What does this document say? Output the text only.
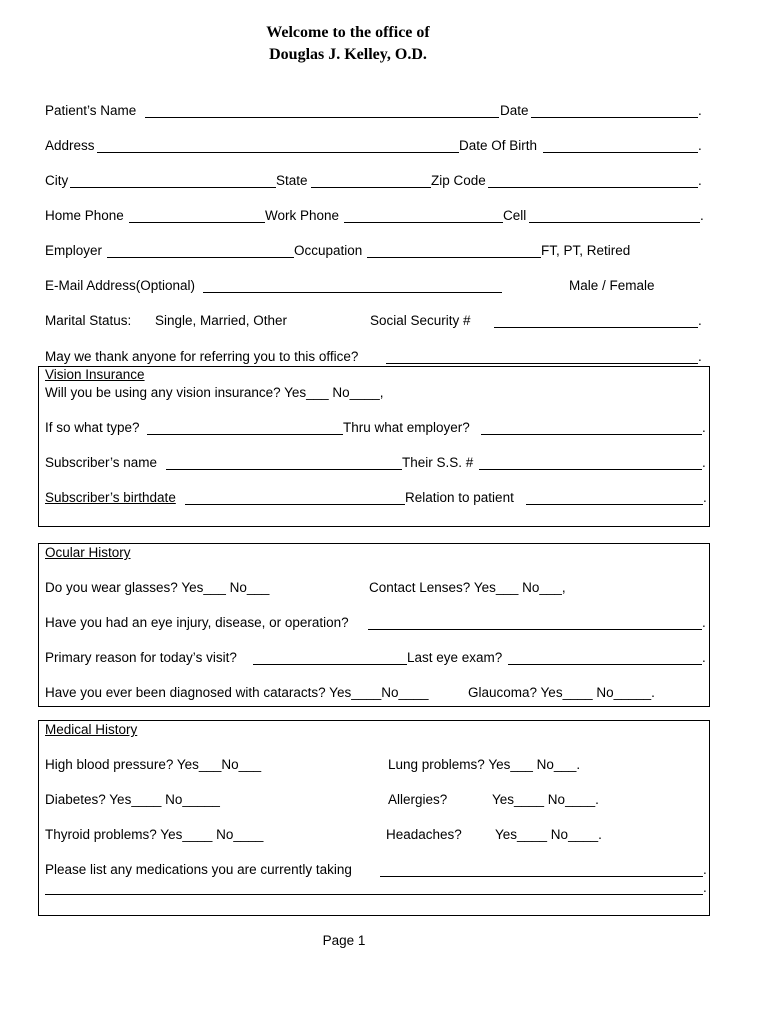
Welcome to the office of
Douglas J. Kelley, O.D.
Patient’s Name	Date	.
Address	Date Of Birth	.
City	State	Zip Code	.
Home Phone	Work Phone	Cell	.
Employer	Occupation	FT, PT, Retired
E-Mail Address(Optional)	Male / Female
Marital Status: Single, Married, Other	Social Security #	.
May we thank anyone for referring you to this office?	.
Vision Insurance
Will you be using any vision insurance? Yes___ No____,
If so what type?	Thru what employer?	.
Subscriber’s name	Their S.S. #	.
Subscriber’s birthdate	Relation to patient	.
Ocular History
Do you wear glasses? Yes___ No___	Contact Lenses? Yes___ No___,
Have you had an eye injury, disease, or operation?	.
Primary reason for today’s visit?	Last eye exam?	.
Have you ever been diagnosed with cataracts? Yes____No____	Glaucoma? Yes____ No_____.
Medical History
High blood pressure? Yes___No___	Lung problems? Yes___ No___.
Diabetes? Yes____ No_____	Allergies?	Yes____ No____.
Thyroid problems? Yes____ No____	Headaches? Yes____ No____.
Please list any medications you are currently taking	.
.
Page 1
